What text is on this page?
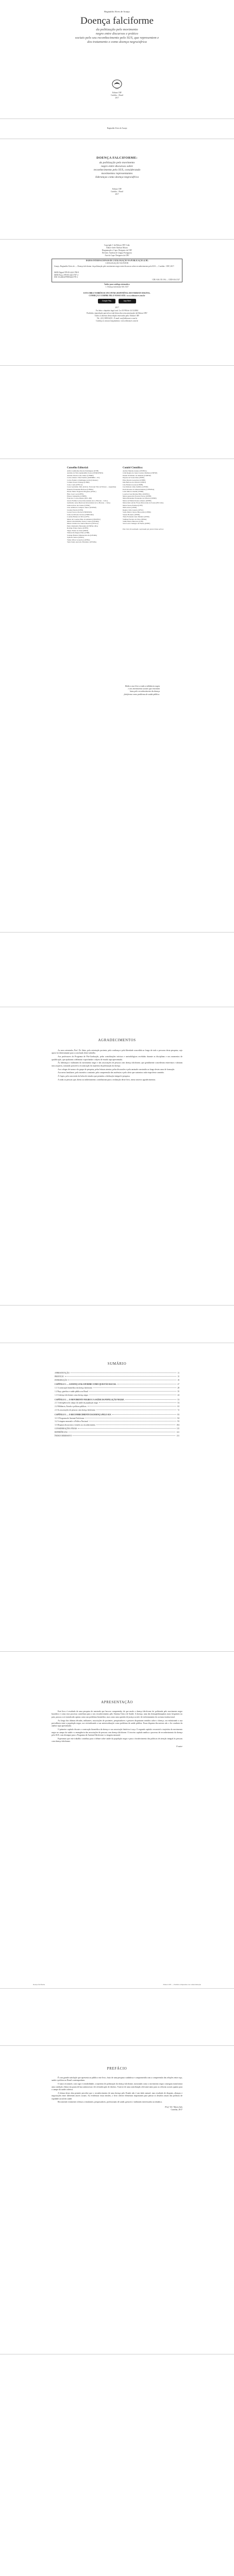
Reginaldo Alves de Araujo
Doença falciforme
da politização pelo movimento
negro entre discursos e prático
sociais pelo seu reconhecimento pelo SUS, que representem e
dos tratamento e como doença negra/africa
CRV
Editora CRV
Curitiba – Brasil
2017
Reginaldo Alves de Araujo
DOENÇA FALCIFORME:
da politização pelo movimento
negro entre discursos sobre
reconhecimento pelo SUS, considerando
movimentos representantes
lideranças como doença negra/africa
Editora CRV
Curitiba – Brasil
2017
Copyright © da Editora CRV Ltda.
Editor-chefe: Railson Moura
Diagramação e Capa: Designers da CRV
Revisão: Analista de Língua Portuguesa
Arte da Capa: Designers da CRV
DADOS INTERNACIONAIS DE CATALOGAÇÃO NA PUBLICAÇÃO (CIP)
CATALOGAÇÃO NA FONTE
Araujo, Reginaldo Alves de — Doença falciforme: da politização pelo movimento negro entre discursos sobre reconhecimento pelo SUS — Curitiba : CRV, 2017.
ISBN Digital 978-85-444-1788-9
ISBN Físico 978-85-444-1787-2
DOI 10.24824/978854441787.2
CDU 616.155.194 — CDD 616.1527
Índice para catálogo sistemático
1. Doença falciforme 616.1527
ESTA OBRA TAMBÉM SE ENCONTRA DISPONÍVEL EM FORMATO DIGITAL.
CONHEÇA E COMPRE PELO NOSSO SITE: www.editoracrv.com.br
Google Play	App Store
2017
Foi feito o depósito legal conf. Lei 10.994 de 14/12/2004
Proibida a reprodução parcial ou total desta obra sem autorização da Editora CRV
Todos os direitos desta edição reservados pela: Editora CRV
Tel.: (41) 3039-6418 – E-mail: sac@editoracrv.com.br
Conheça os nossos lançamentos: www.editoracrv.com.br
Conselho Editorial:
Aldira Guimarães Duarte Domínguez (UNB)
Andréia da Silva Quintanilha Sousa (UNIR/UFRN)
Antônio Pereira Gaio Júnior (UFRRJ)
Carlos Alberto Vilar Estêvão (UMINHO – PT)
Carlos Federico Dominguez Avila (Unieuro)
Carmen Tereza Velanga (UNIR)
Celso Conti (UFSCar)
Cesar Gerónimo Tello (Univer. Nacional Três de Febrero – Argentina)
Eduardo Fernandes Barbosa (UFMG)
Elione Maria Nogueira Diogenes (UFAL)
Élsio José Corá (UFFS)
Elizeu Clementino (UNEB)
Francisco Carlos Duarte (PUC-PR)
Gloria Fariñas León (Universidade de La Havana – Cuba)
Guillermo Arias Beatón (Universidade de La Havana – Cuba)
Jailson Alves dos Santos (UFRJ)
João Adalberto Campato Junior (UNESP)
Josania Portela (UFPI)
Leonel Severo Rocha (UNISINOS)
Lídia de Oliveira Xavier (UNIEURO)
Lourdes Helena da Silva (UFV)
Maria de Lourdes Pinto de Almeida (UNOESC)
Maria Lília Imbiriba Sousa Colares (UFOPA)
Maria Cristina dos Santos Bezerra (UFSCar)
Paulo Romualdo Hernandes (UNIFAL-MG)
Rodrigo Pratte-Santos (UFES)
Sérgio Nunes de Jesus (IFRO)
Simone Rodrigues Pinto (UNB)
Solange Helena Ximenes-Rocha (UFOPA)
Sydione Santos (UEPG)
Tadeu Oliver Gonçalves (UFPA)
Tania Suely Azevedo Brasileiro (UFOPA)
Comitê Científico:
Andréa Mendes Araújo (UNIFAL)
Célia Regina de Jesus Caetano Mathias (UNESP)
Danilo Di Manno de Almeida (UMESP)
Dayane de Souza Dias (UFPE)
Elisa Pereira Gonsalves (UFPB)
Inês Barbosa de Oliveira (UERJ)
João Batista Lucena (UEPB)
José Rubens Lima Jardilino (UFOP)
Karla Rosane do Amaral Demoly (UFERSA)
Leila Márcia Ghedin (UERR)
Lourival José Martins Filho (UDESC)
Maria Aparecida Ferreira Ferraz (UFPB)
Maria Bernadete Fernandes de Oliveira (UFRN)
Maria de Fátima Pereira Alberto (UFPB)
Maria Inês Galvão Flores Marcondes de Souza (PUC-Rio)
Maria Teresa Esteban (UFF)
Nilda Alves (UERJ)
Regina Célia Grando (UFSC)
Sonia Maria Chaves Haracemiv (UFPR)
Suzete Bornatto (UFPR)
Thais Fernanda Leite Madeira (UEM)
Valdinei Ferreira da Silva (IFMA)
Valdir Heitor Barzotto (USP)
Vera Lucia Chalegre de Freitas (UFPE)
Este livro foi avaliado e aprovado por pareceristas ad hoc.
Dedico esse livro a toda a militância negra
e aos movimentos sociais que travaram
lutas pelo reconhecimento da doença
falciforme como problema de saúde pública.
AGRADECIMENTOS

Ao meu orientador, Prof. Dr. Jânio, pela orientação paciente, pela confiança e pela liberdade concedida ao longo de todo o percurso desta pesquisa, cujo apoio foi determinante para a conclusão deste trabalho.

Aos professores do Programa de Pós-Graduação, pelas contribuições teóricas e metodológicas recebidas durante as disciplinas e nos momentos de qualificação, que ajudaram a delimitar e aprofundar o objeto de estudo aqui apresentado.

Às lideranças e militantes do movimento negro e das associações de pessoas com doença falciforme, que gentilmente concederam entrevistas e abriram seus arquivos, tornando possível a reconstrução da trajetória de politização da doença.

Aos colegas de turma e do grupo de pesquisa, pelas leituras atentas, pelas discussões e pela amizade construída ao longo destes anos de formação.

Aos meus familiares, pelo incentivo constante, pela compreensão das ausências e pelo afeto que sustentou cada etapa deste caminho.

À Capes, pela concessão da bolsa de estudos que permitiu a dedicação integral à pesquisa.

A todas as pessoas que, direta ou indiretamente, contribuíram para a realização deste livro, meus sinceros agradecimentos.

SUMÁRIO
APRESENTAÇÃO	11
PREFÁCIO	15
INTRODUÇÃO	19
CAPÍTULO 1 — A DOENÇA FALCIFORME COMO QUESTÃO RACIAL	27
1.1 A construção biomédica da doença falciforme	28
1.2 Raça, genética e saúde pública no Brasil	35
1.3 A doença falciforme como doença negra	44
CAPÍTULO 2 — O MOVIMENTO NEGRO E A SAÚDE DA POPULAÇÃO NEGRA	53
2.1 A emergência do campo da saúde da população negra	54
2.2 Militância, Estado e políticas públicas	63
2.3 As associações de pessoas com doença falciforme	72
CAPÍTULO 3 — O RECONHECIMENTO DA DOENÇA PELO SUS	83
3.1 O Programa de Anemia Falciforme	84
3.2 A triagem neonatal e a Política Nacional	93
3.3 Disputas discursivas e tensões no reconhecimento	104
CONSIDERAÇÕES FINAIS	115
REFERÊNCIAS	121
ÍNDICE REMISSIVO	131
APRESENTAÇÃO

Este livro é resultado de uma pesquisa de mestrado que buscou compreender de que modo a doença falciforme foi politizada pelo movimento negro brasileiro e como esse processo contribuiu para o seu reconhecimento pelo Sistema Único de Saúde. A doença, uma das hemoglobinopatias mais frequentes no país, passou a ser tratada não apenas como um problema biomédico, mas como uma questão de justiça social e de enfrentamento do racismo institucional.

Ao longo das últimas décadas, militantes, associações de pacientes, pesquisadores e gestores disputaram sentidos sobre a doença, ora enfatizando a sua prevalência entre a população negra, ora reivindicando a sua universalização como problema de saúde pública. Essas disputas discursivas são o fio condutor da análise aqui apresentada.

O primeiro capítulo discute a construção biomédica da doença e sua associação histórica à raça. O segundo capítulo reconstrói a trajetória do movimento negro no campo da saúde e a emergência das associações de pessoas com doença falciforme. O terceiro capítulo analisa o processo de reconhecimento da doença pelo SUS, com destaque para o Programa de Anemia Falciforme e a triagem neonatal.

Esperamos que este trabalho contribua para o debate sobre saúde da população negra e para o fortalecimento das políticas de atenção integral às pessoas com doença falciforme.

O autor
PREFÁCIO

É com grande satisfação que apresento ao público este livro, fruto de uma pesquisa cuidadosa e comprometida com a compreensão das relações entre raça, saúde e política no Brasil contemporâneo.

O autor reconstrói, com rigor e sensibilidade, a trajetória de politização da doença falciforme, mostrando como o movimento negro conseguiu transformar uma condição clínica em pauta de luta antirracista e de reivindicação de direitos. Trata-se de uma contribuição relevante tanto para as ciências sociais quanto para o campo da saúde coletiva.

A leitura desta obra permite perceber que o reconhecimento de uma doença pelo Estado não é um dado natural, mas resultado de disputas, alianças e negociações entre diferentes atores sociais. Ao evidenciar essas tensões, o livro oferece elementos importantes para pensar os desafios atuais das políticas de equidade racial em saúde.

Recomendo vivamente a leitura a estudantes, pesquisadores, profissionais de saúde, gestores e militantes interessados na temática.

Prof.ª Dr.ª Maria Inês
Curitiba, 2017
Doença falciforme	Editora CRV — Proibida a impressão e/ou comercialização
